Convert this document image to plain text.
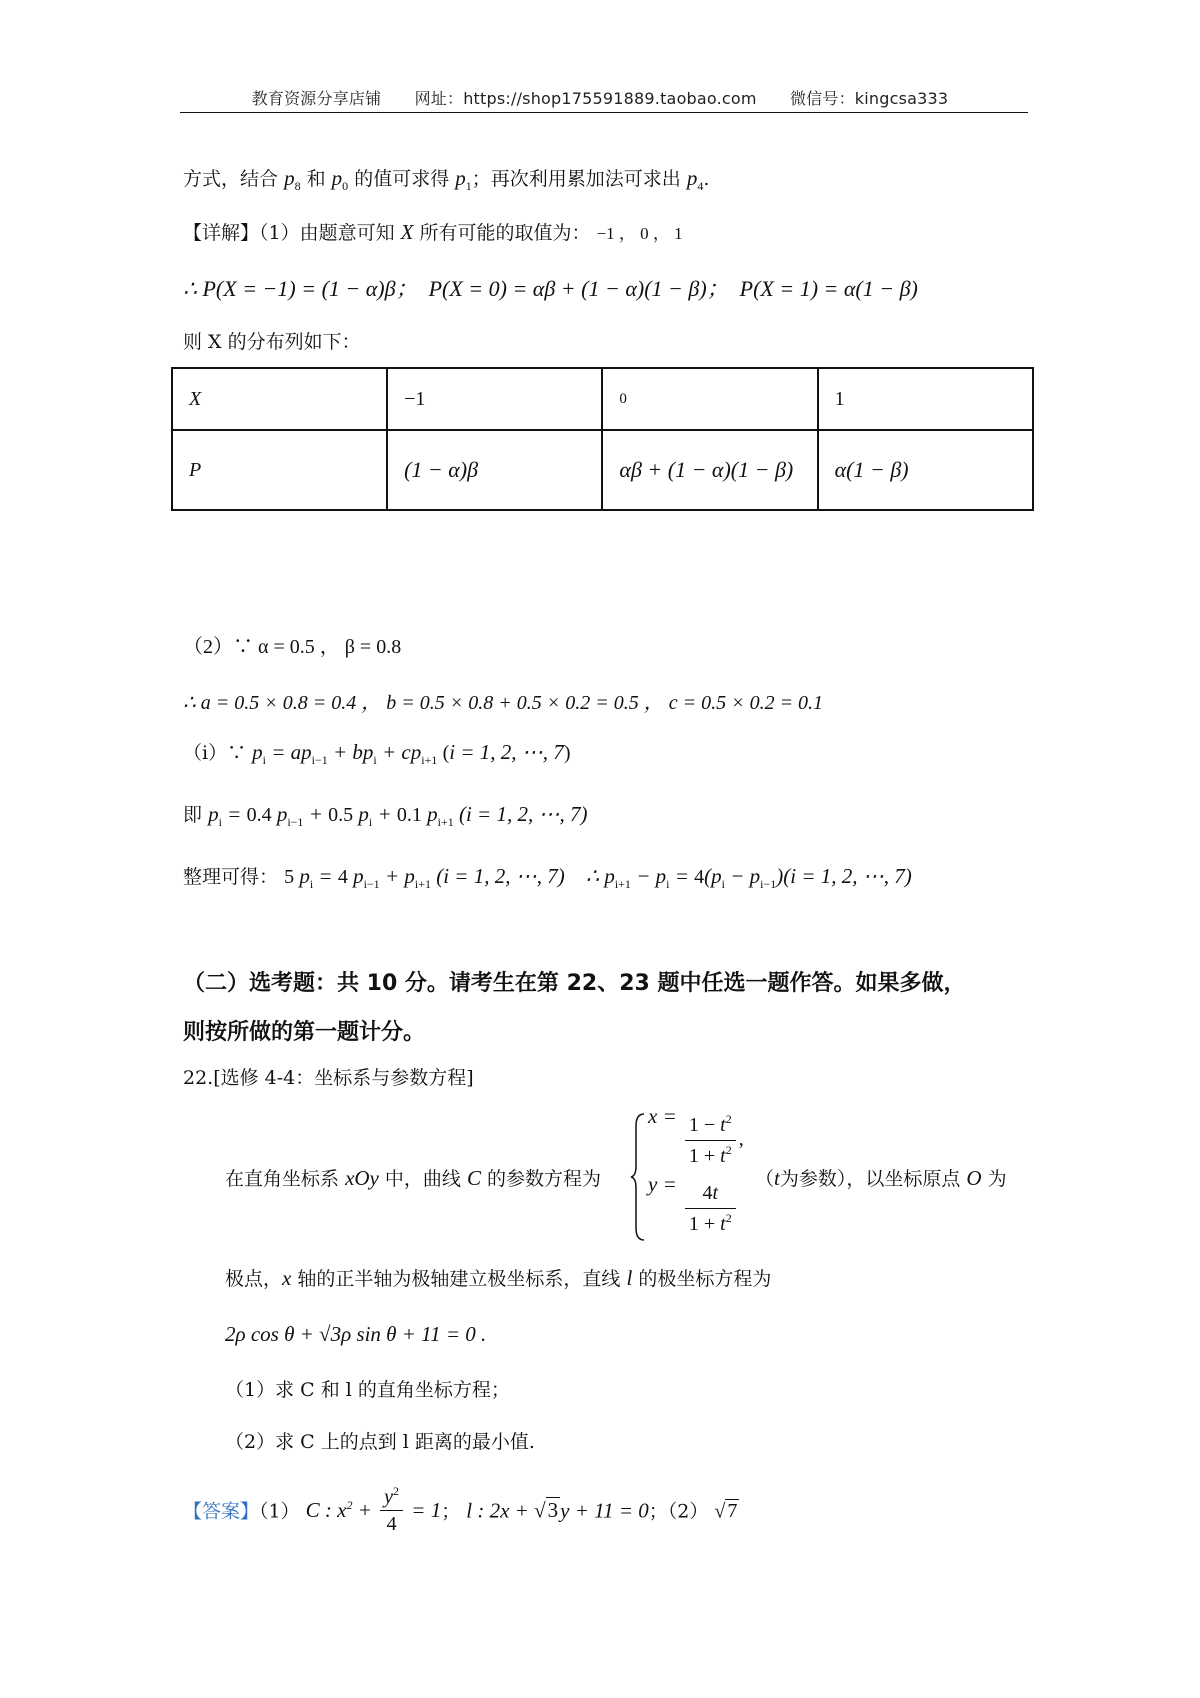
教育资源分享店铺 网址：https://shop175591889.taobao.com 微信号：kingcsa333
方式，结合 $p_8$ 和 $p_0$ 的值可求得 $p_1$；再次利用累加法可求出 $p_4$.
【详解】（1）由题意可知 X 所有可能的取值为： −1 ， 0 ， 1
∴ P(X = −1) = (1 − α)β； P(X = 0) = αβ + (1 − α)(1 − β)； P(X = 1) = α(1 − β)
则 X 的分布列如下：
X	−1	0	1
P	(1 − α)β	αβ + (1 − α)(1 − β)	α(1 − β)
（2）∵ α = 0.5 ， β = 0.8
∴ a = 0.5 × 0.8 = 0.4 ， b = 0.5 × 0.8 + 0.5 × 0.2 = 0.5 ， c = 0.5 × 0.2 = 0.1
（i）∵ $p_i = ap_{i-1} + bp_i + cp_{i+1}$ (i = 1, 2, ⋯, 7)
即 $p_i = 0.4$ $p_{i-1} + 0.5$ $p_i + 0.1$ $p_{i+1}$ (i = 1, 2, ⋯, 7)
整理可得： 5 $p_i = 4$ $p_{i-1} + p_{i+1}$ (i = 1, 2, ⋯, 7)    ∴ $p_{i+1} - p_i = 4(p_i - p_{i-1})(i = 1$, 2, ⋯, 7)
（二）选考题：共 10 分。请考生在第 22、23 题中任选一题作答。如果多做，
则按所做的第一题计分。
22.[选修 4-4：坐标系与参数方程]
在直角坐标系 xOy 中，曲线 C 的参数方程为
$x = \frac{1 - t^2}{1 + t^2}$ ,
$y = \frac{4t}{1 + t^2}$
（t为参数），以坐标原点 O 为
极点，x 轴的正半轴为极轴建立极坐标系，直线 l 的极坐标方程为
2ρ cos θ + √3ρ sin θ + 11 = 0 .
（1）求 C 和 l 的直角坐标方程；
（2）求 C 上的点到 l 距离的最小值.
【答案】（1） C : $x^2 + \frac{y^2}{4} = 1$； l : 2x + √3y + 11 = 0；（2） √ 7
